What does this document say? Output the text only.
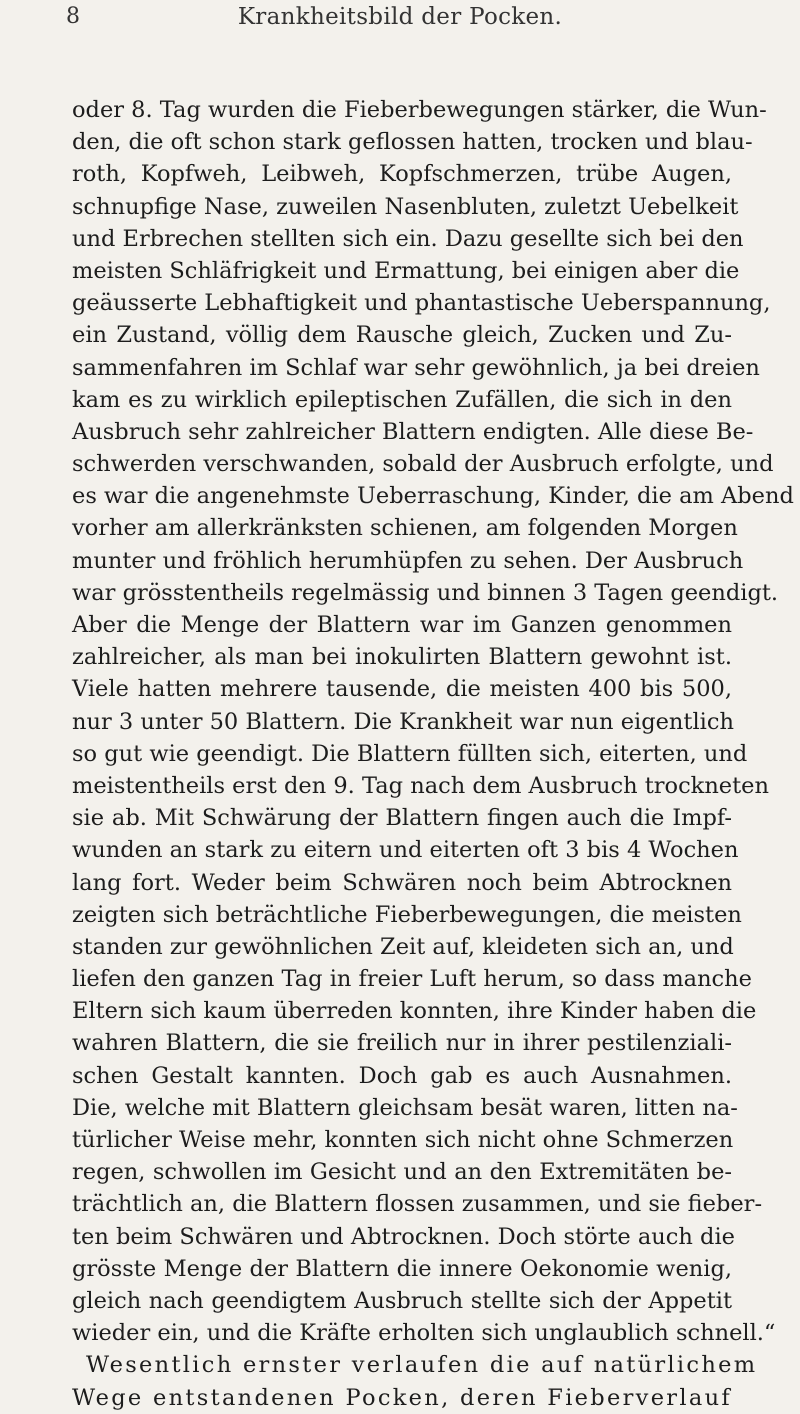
8	Krankheitsbild der Pocken.
oder 8. Tag wurden die Fieberbewegungen stärker, die Wun-
den, die oft schon stark geflossen hatten, trocken und blau-
roth, Kopfweh, Leibweh, Kopfschmerzen, trübe Augen,
schnupfige Nase, zuweilen Nasenbluten, zuletzt Uebelkeit
und Erbrechen stellten sich ein. Dazu gesellte sich bei den
meisten Schläfrigkeit und Ermattung, bei einigen aber die
geäusserte Lebhaftigkeit und phantastische Ueberspannung,
ein Zustand, völlig dem Rausche gleich, Zucken und Zu-
sammenfahren im Schlaf war sehr gewöhnlich, ja bei dreien
kam es zu wirklich epileptischen Zufällen, die sich in den
Ausbruch sehr zahlreicher Blattern endigten. Alle diese Be-
schwerden verschwanden, sobald der Ausbruch erfolgte, und
es war die angenehmste Ueberraschung, Kinder, die am Abend
vorher am allerkränksten schienen, am folgenden Morgen
munter und fröhlich herumhüpfen zu sehen. Der Ausbruch
war grösstentheils regelmässig und binnen 3 Tagen geendigt.
Aber die Menge der Blattern war im Ganzen genommen
zahlreicher, als man bei inokulirten Blattern gewohnt ist.
Viele hatten mehrere tausende, die meisten 400 bis 500,
nur 3 unter 50 Blattern. Die Krankheit war nun eigentlich
so gut wie geendigt. Die Blattern füllten sich, eiterten, und
meistentheils erst den 9. Tag nach dem Ausbruch trockneten
sie ab. Mit Schwärung der Blattern fingen auch die Impf-
wunden an stark zu eitern und eiterten oft 3 bis 4 Wochen
lang fort. Weder beim Schwären noch beim Abtrocknen
zeigten sich beträchtliche Fieberbewegungen, die meisten
standen zur gewöhnlichen Zeit auf, kleideten sich an, und
liefen den ganzen Tag in freier Luft herum, so dass manche
Eltern sich kaum überreden konnten, ihre Kinder haben die
wahren Blattern, die sie freilich nur in ihrer pestilenziali-
schen Gestalt kannten. Doch gab es auch Ausnahmen.
Die, welche mit Blattern gleichsam besät waren, litten na-
türlicher Weise mehr, konnten sich nicht ohne Schmerzen
regen, schwollen im Gesicht und an den Extremitäten be-
trächtlich an, die Blattern flossen zusammen, und sie fieber-
ten beim Schwären und Abtrocknen. Doch störte auch die
grösste Menge der Blattern die innere Oekonomie wenig,
gleich nach geendigtem Ausbruch stellte sich der Appetit
wieder ein, und die Kräfte erholten sich unglaublich schnell.“
Wesentlich ernster verlaufen die auf natürlichem
Wege entstandenen Pocken, deren Fieberverlauf
